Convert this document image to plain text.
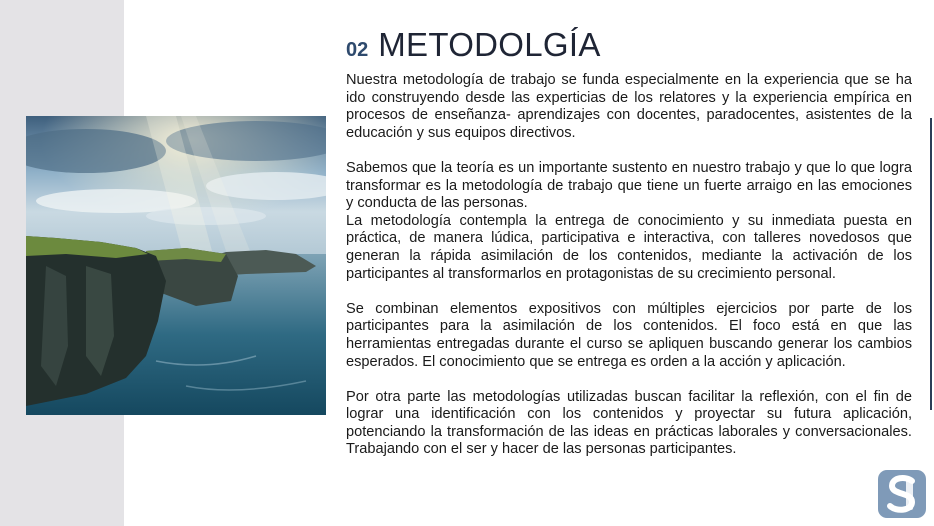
02 METODOLGÍA

Nuestra metodología de trabajo se funda especialmente en la experiencia que se ha ido construyendo desde las experticias de los relatores y la experiencia empírica en procesos de enseñanza- aprendizajes con docentes, paradocentes, asistentes de la educación y sus equipos directivos.

Sabemos que la teoría es un importante sustento en nuestro trabajo y que lo que logra transformar es la metodología de trabajo que tiene un fuerte arraigo en las emociones y conducta de las personas.

La metodología contempla la entrega de conocimiento y su inmediata puesta en práctica, de manera lúdica, participativa e interactiva, con talleres novedosos que generan la rápida asimilación de los contenidos, mediante la activación de los participantes al transformarlos en protagonistas de su crecimiento personal.

Se combinan elementos expositivos con múltiples ejercicios por parte de los participantes para la asimilación de los contenidos. El foco está en que las herramientas entregadas durante el curso se apliquen buscando generar los cambios esperados. El conocimiento que se entrega es orden a la acción y aplicación.

Por otra parte las metodologías utilizadas buscan facilitar la reflexión, con el fin de lograr una identificación con los contenidos y proyectar su futura aplicación, potenciando la transformación de las ideas en prácticas laborales y conversacionales. Trabajando con el ser y hacer de las personas participantes.
